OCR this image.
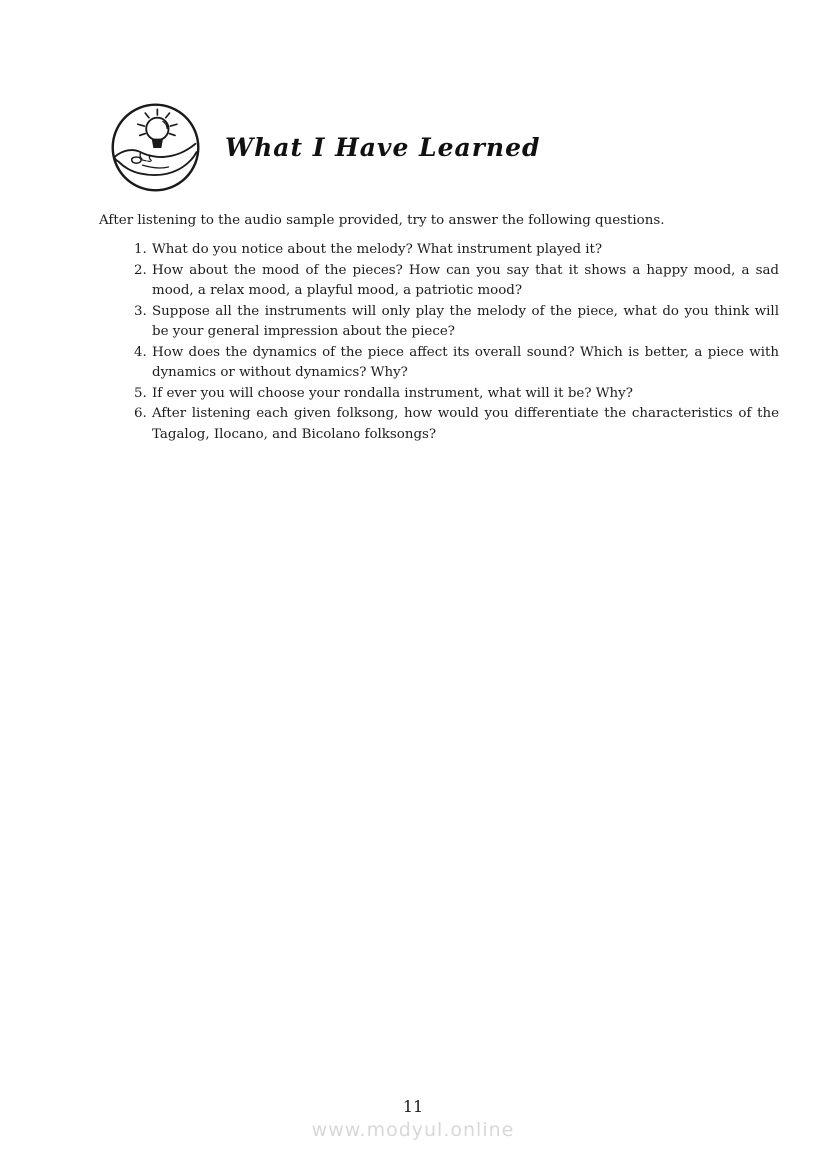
What I Have Learned

After listening to the audio sample provided, try to answer the following questions.

1. What do you notice about the melody? What instrument played it?
2. How about the mood of the pieces? How can you say that it shows a happy mood, a sad mood, a relax mood, a playful mood, a patriotic mood?
3. Suppose all the instruments will only play the melody of the piece, what do you think will be your general impression about the piece?
4. How does the dynamics of the piece affect its overall sound? Which is better, a piece with dynamics or without dynamics? Why?
5. If ever you will choose your rondalla instrument, what will it be? Why?
6. After listening each given folksong, how would you differentiate the characteristics of the Tagalog, Ilocano, and Bicolano folksongs?
11
www.modyul.online
